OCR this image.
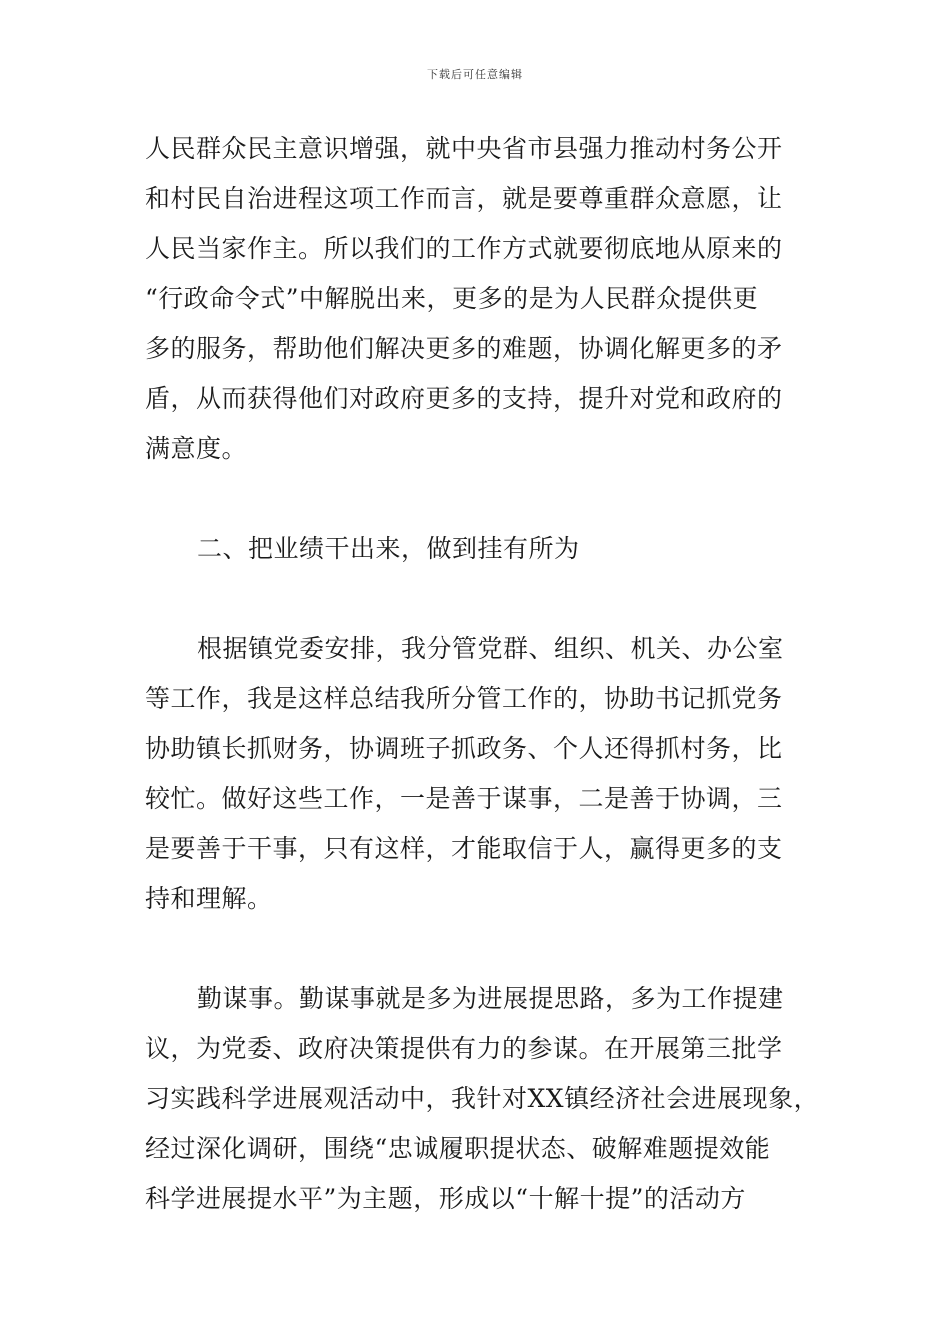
下载后可任意编辑
人民群众民主意识增强，就中央省市县强力推动村务公开
和村民自治进程这项工作而言，就是要尊重群众意愿，让
人民当家作主。所以我们的工作方式就要彻底地从原来的
“行政命令式”中解脱出来，更多的是为人民群众提供更
多的服务，帮助他们解决更多的难题，协调化解更多的矛
盾，从而获得他们对政府更多的支持，提升对党和政府的
满意度。
二、把业绩干出来，做到挂有所为
根据镇党委安排，我分管党群、组织、机关、办公室
等工作，我是这样总结我所分管工作的，协助书记抓党务
协助镇长抓财务，协调班子抓政务、个人还得抓村务，比
较忙。做好这些工作，一是善于谋事，二是善于协调，三
是要善于干事，只有这样，才能取信于人，赢得更多的支
持和理解。
勤谋事。勤谋事就是多为进展提思路，多为工作提建
议，为党委、政府决策提供有力的参谋。在开展第三批学
习实践科学进展观活动中，我针对XX镇经济社会进展现象，
经过深化调研，围绕“忠诚履职提状态、破解难题提效能
科学进展提水平”为主题，形成以“十解十提”的活动方
